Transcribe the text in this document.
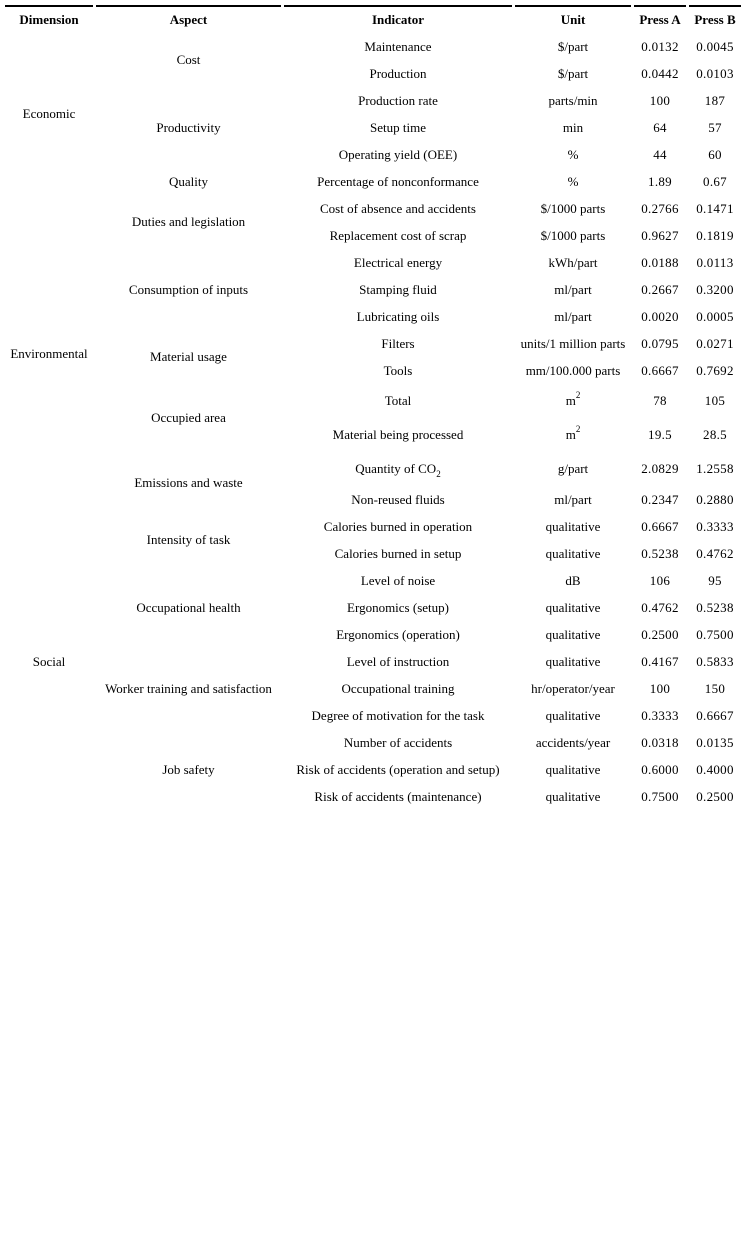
Dimension	Aspect	Indicator	Unit	Press A	Press B
Economic	Cost	Maintenance	$/part	0.0132	0.0045
		Production	$/part	0.0442	0.0103
	Productivity	Production rate	parts/min	100	187
		Setup time	min	64	57
		Operating yield (OEE)	%	44	60
	Quality	Percentage of nonconformance	%	1.89	0.67
Environmental	Duties and legislation	Cost of absence and accidents	$/1000 parts	0.2766	0.1471
		Replacement cost of scrap	$/1000 parts	0.9627	0.1819
	Consumption of inputs	Electrical energy	kWh/part	0.0188	0.0113
		Stamping fluid	ml/part	0.2667	0.3200
		Lubricating oils	ml/part	0.0020	0.0005
	Material usage	Filters	units/1 million parts	0.0795	0.0271
		Tools	mm/100.000 parts	0.6667	0.7692
	Occupied area	Total	$m^2$	78	105
		Material being processed	$m^2$	19.5	28.5
	Emissions and waste	Quantity of $CO_2$	g/part	2.0829	1.2558
		Non-reused fluids	ml/part	0.2347	0.2880
Social	Intensity of task	Calories burned in operation	qualitative	0.6667	0.3333
		Calories burned in setup	qualitative	0.5238	0.4762
	Occupational health	Level of noise	dB	106	95
		Ergonomics (setup)	qualitative	0.4762	0.5238
		Ergonomics (operation)	qualitative	0.2500	0.7500
	Worker training and satisfaction	Level of instruction	qualitative	0.4167	0.5833
		Occupational training	hr/operator/year	100	150
		Degree of motivation for the task	qualitative	0.3333	0.6667
	Job safety	Number of accidents	accidents/year	0.0318	0.0135
		Risk of accidents (operation and setup)	qualitative	0.6000	0.4000
		Risk of accidents (maintenance)	qualitative	0.7500	0.2500
